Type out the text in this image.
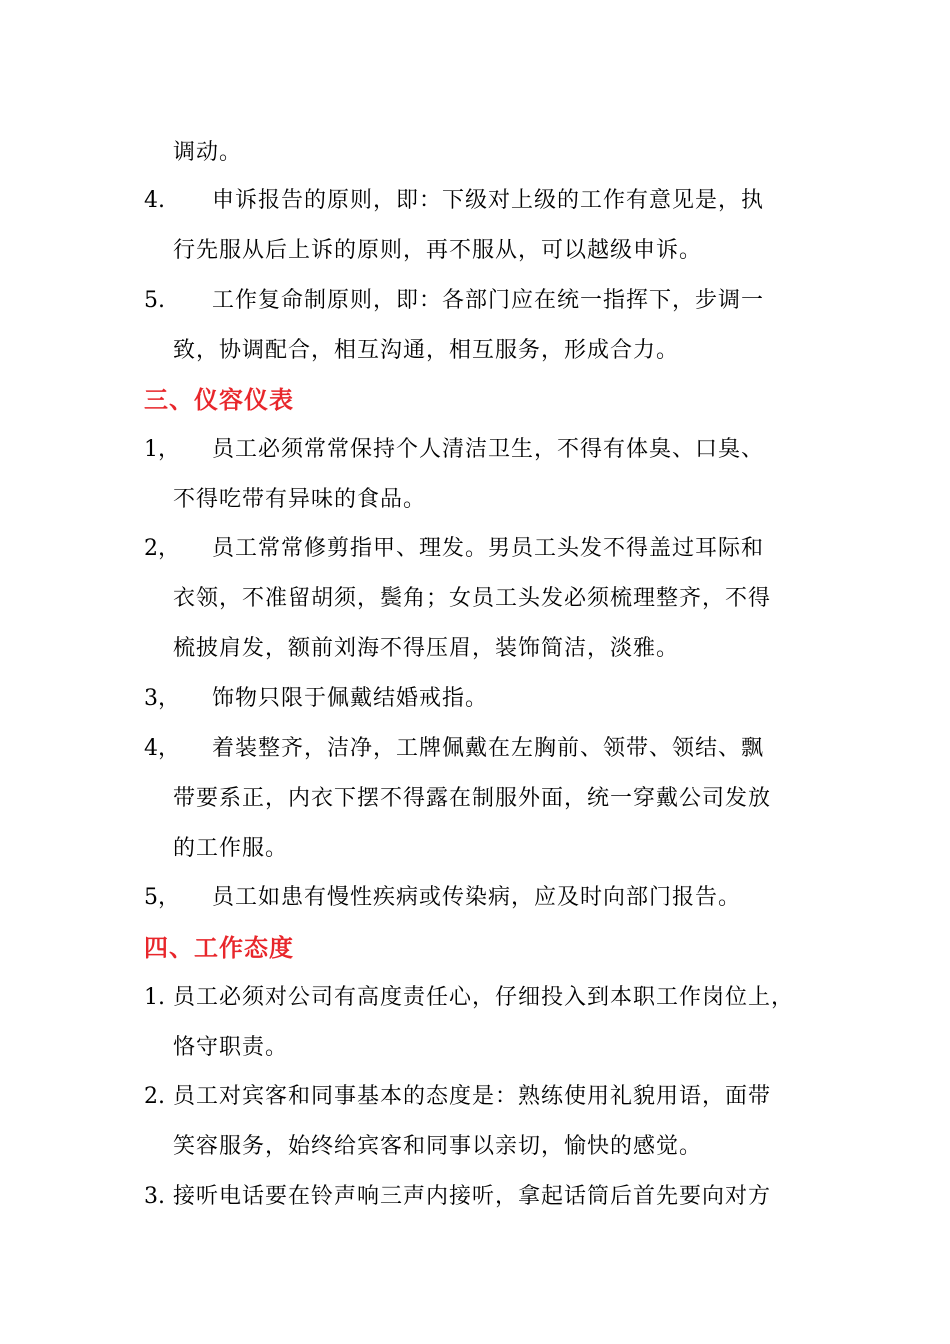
调动。
4. 申诉报告的原则，即：下级对上级的工作有意见是，执
行先服从后上诉的原则，再不服从，可以越级申诉。
5. 工作复命制原则，即：各部门应在统一指挥下，步调一
致，协调配合，相互沟通，相互服务，形成合力。
三、仪容仪表
1， 员工必须常常保持个人清洁卫生，不得有体臭、口臭、
不得吃带有异味的食品。
2， 员工常常修剪指甲、理发。男员工头发不得盖过耳际和
衣领，不准留胡须，鬓角；女员工头发必须梳理整齐，不得
梳披肩发，额前刘海不得压眉，装饰简洁，淡雅。
3， 饰物只限于佩戴结婚戒指。
4， 着装整齐，洁净，工牌佩戴在左胸前、领带、领结、飘
带要系正，内衣下摆不得露在制服外面，统一穿戴公司发放
的工作服。
5， 员工如患有慢性疾病或传染病，应及时向部门报告。
四、工作态度
1. 员工必须对公司有高度责任心，仔细投入到本职工作岗位上，
恪守职责。
2. 员工对宾客和同事基本的态度是：熟练使用礼貌用语，面带
笑容服务，始终给宾客和同事以亲切，愉快的感觉。
3. 接听电话要在铃声响三声内接听，拿起话筒后首先要向对方
